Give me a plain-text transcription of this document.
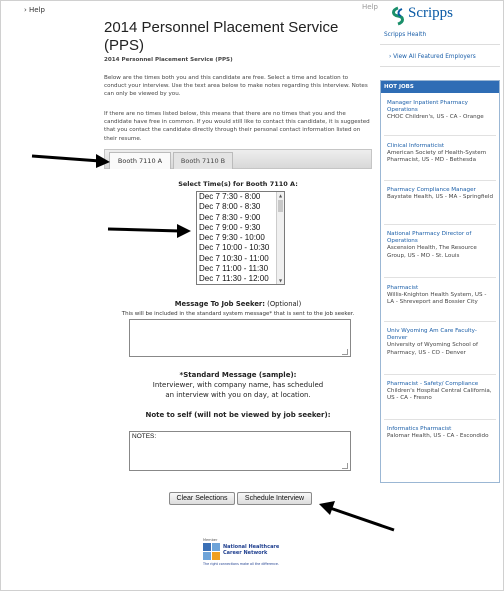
› Help	Help
2014 Personnel Placement Service (PPS)
2014 Personnel Placement Service (PPS)
Below are the times both you and this candidate are free. Select a time and location to conduct your interview. Use the text area below to make notes regarding this interview. Notes can only be viewed by you.
If there are no times listed below, this means that there are no times that you and the candidate have free in common. If you would still like to contact this candidate, it is suggested that you contact the candidate directly through their personal contact information listed on their resume.
Booth 7110 A	Booth 7110 B
Select Time(s) for Booth 7110 A:
Dec 7 7:30 - 8:00
Dec 7 8:00 - 8:30
Dec 7 8:30 - 9:00
Dec 7 9:00 - 9:30
Dec 7 9:30 - 10:00
Dec 7 10:00 - 10:30
Dec 7 10:30 - 11:00
Dec 7 11:00 - 11:30
Dec 7 11:30 - 12:00
▲
▼
Message To Job Seeker: (Optional)
This will be included in the standard system message* that is sent to the job seeker.
*Standard Message (sample):
Interviewer, with company name, has scheduled
an interview with you on day, at location.
Note to self (will not be viewed by job seeker):
NOTES:
Clear Selections	Schedule Interview
Member
National Healthcare Career Network
The right connections make all the difference.
Scripps
Scripps Health
› View All Featured Employers
HOT JOBS
Manager Inpatient Pharmacy Operations
CHOC Children's, US - CA - Orange
Clinical Informaticist
American Society of Health-System Pharmacist, US - MD - Bethesda
Pharmacy Compliance Manager
Baystate Health, US - MA - Springfield
National Pharmacy Director of Operations
Ascension Health, The Resource Group, US - MO - St. Louis
Pharmacist
Willis-Knighton Health System, US - LA - Shreveport and Bossier City
Univ Wyoming Am Care Faculty-Denver
University of Wyoming School of Pharmacy, US - CO - Denver
Pharmacist - Safety/ Compliance
Children's Hospital Central California, US - CA - Fresno
Informatics Pharmacist
Palomar Health, US - CA - Escondido
